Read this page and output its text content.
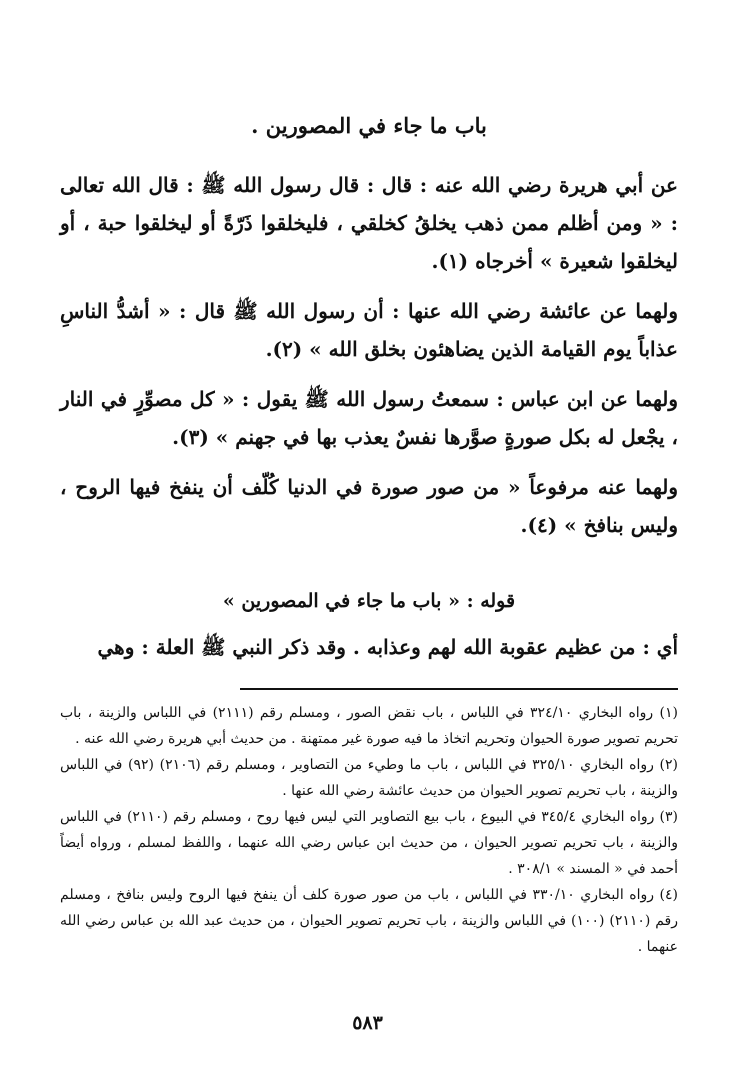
باب ما جاء في المصورين .

عن أبي هريرة رضي الله عنه : قال : قال رسول الله ﷺ : قال الله تعالى : « ومن أظلم ممن ذهب يخلقُ كخلقي ، فليخلقوا ذَرّةً أو ليخلقوا حبة ، أو ليخلقوا شعيرة » أخرجاه (١).

ولهما عن عائشة رضي الله عنها : أن رسول الله ﷺ قال : « أشدُّ الناسِ عذاباً يوم القيامة الذين يضاهئون بخلق الله » (٢).

ولهما عن ابن عباس : سمعتُ رسول الله ﷺ يقول : « كل مصوِّرٍ في النار ، يجْعل له بكل صورةٍ صوَّرها نفسٌ يعذب بها في جهنم » (٣).

ولهما عنه مرفوعاً « من صور صورة في الدنيا كُلّف أن ينفخ فيها الروح ، وليس بنافخ » (٤).

قوله : « باب ما جاء في المصورين »

أي : من عظيم عقوبة الله لهم وعذابه . وقد ذكر النبي ﷺ العلة : وهي

(١) رواه البخاري ٣٢٤/١٠ في اللباس ، باب نقض الصور ، ومسلم رقم (٢١١١) في اللباس والزينة ، باب تحريم تصوير صورة الحيوان وتحريم اتخاذ ما فيه صورة غير ممتهنة . من حديث أبي هريرة رضي الله عنه .

(٢) رواه البخاري ٣٢٥/١٠ في اللباس ، باب ما وطيء من التصاوير ، ومسلم رقم (٢١٠٦) (٩٢) في اللباس والزينة ، باب تحريم تصوير الحيوان من حديث عائشة رضي الله عنها .

(٣) رواه البخاري ٣٤٥/٤ في البيوع ، باب بيع التصاوير التي ليس فيها روح ، ومسلم رقم (٢١١٠) في اللباس والزينة ، باب تحريم تصوير الحيوان ، من حديث ابن عباس رضي الله عنهما ، واللفظ لمسلم ، ورواه أيضاً أحمد في « المسند » ٣٠٨/١ .

(٤) رواه البخاري ٣٣٠/١٠ في اللباس ، باب من صور صورة كلف أن ينفخ فيها الروح وليس بنافخ ، ومسلم رقم (٢١١٠) (١٠٠) في اللباس والزينة ، باب تحريم تصوير الحيوان ، من حديث عبد الله بن عباس رضي الله عنهما .

٥٨٣
